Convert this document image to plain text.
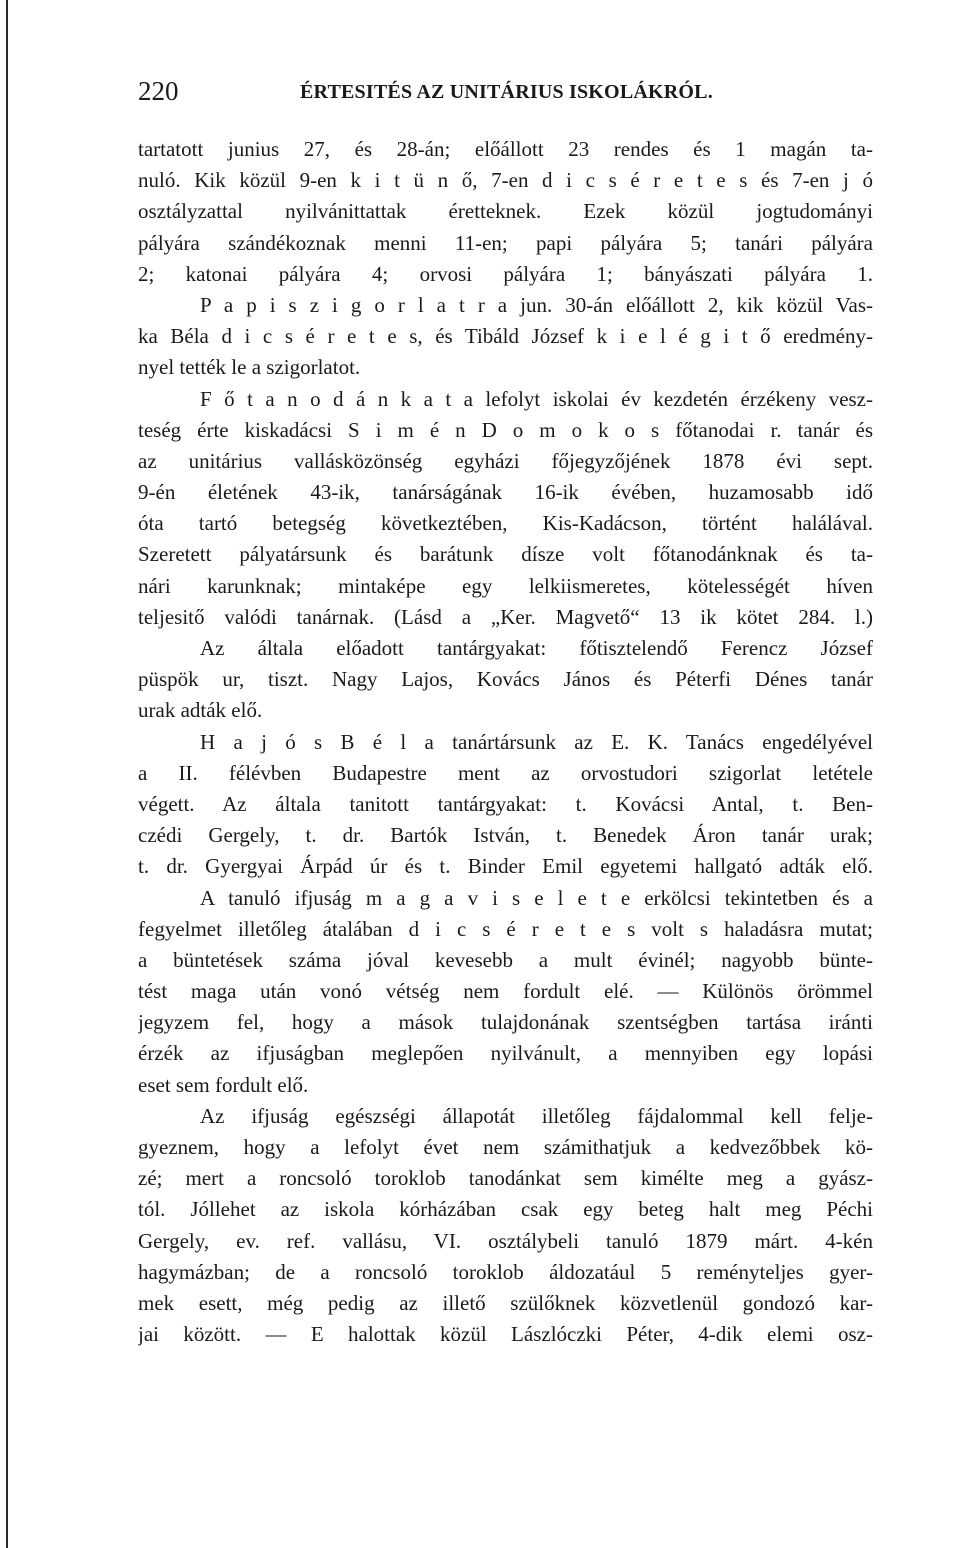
220	ÉRTESITÉS AZ UNITÁRIUS ISKOLÁKRÓL.
tartatott junius 27, és 28-án; előállott 23 rendes és 1 magán ta-
nuló. Kik közül 9-en k i t ü n ő, 7-en d i c s é r e t e s és 7-en j ó
osztályzattal nyilvánittattak éretteknek. Ezek közül jogtudományi
pályára szándékoznak menni 11-en; papi pályára 5; tanári pályára
2; katonai pályára 4; orvosi pályára 1; bányászati pályára 1.
P a p i s z i g o r l a t r a jun. 30-án előállott 2, kik közül Vas-
ka Béla d i c s é r e t e s, és Tibáld József k i e l é g i t ő eredmény-
nyel tették le a szigorlatot.
F ő t a n o d á n k a t a lefolyt iskolai év kezdetén érzékeny vesz-
teség érte kiskadácsi S i m é n D o m o k o s főtanodai r. tanár és
az unitárius vallásközönség egyházi főjegyzőjének 1878 évi sept.
9-én életének 43-ik, tanárságának 16-ik évében, huzamosabb idő
óta tartó betegség következtében, Kis-Kadácson, történt halálával.
Szeretett pályatársunk és barátunk dísze volt főtanodánknak és ta-
nári karunknak; mintaképe egy lelkiismeretes, kötelességét híven
teljesitő valódi tanárnak. (Lásd a „Ker. Magvető“ 13 ik kötet 284. l.)
Az általa előadott tantárgyakat: főtisztelendő Ferencz József
püspök ur, tiszt. Nagy Lajos, Kovács János és Péterfi Dénes tanár
urak adták elő.
H a j ó s B é l a tanártársunk az E. K. Tanács engedélyével
a II. félévben Budapestre ment az orvostudori szigorlat letétele
végett. Az általa tanitott tantárgyakat: t. Kovácsi Antal, t. Ben-
czédi Gergely, t. dr. Bartók István, t. Benedek Áron tanár urak;
t. dr. Gyergyai Árpád úr és t. Binder Emil egyetemi hallgató adták elő.
A tanuló ifjuság m a g a v i s e l e t e erkölcsi tekintetben és a
fegyelmet illetőleg átalában d i c s é r e t e s volt s haladásra mutat;
a büntetések száma jóval kevesebb a mult évinél; nagyobb büntе-
tést maga után vonó vétség nem fordult elé. — Különös örömmel
jegyzem fel, hogy a mások tulajdonának szentségben tartása iránti
érzék az ifjuságban meglepően nyilvánult, a mennyiben egy lopási
eset sem fordult elő.
Az ifjuság egészségi állapotát illetőleg fájdalommal kell felje-
gyeznem, hogy a lefolyt évet nem számithatjuk a kedvezőbbek kö-
zé; mert a roncsoló toroklob tanodánkat sem kimélte meg a gyász-
tól. Jóllehet az iskola kórházában csak egy beteg halt meg Péchi
Gergely, ev. ref. vallásu, VI. osztálybeli tanuló 1879 márt. 4-kén
hagymázban; de a roncsoló toroklob áldozatául 5 reményteljes gyer-
mek esett, még pedig az illető szülőknek közvetlenül gondozó kar-
jai között. — E halottak közül Lászlóczki Péter, 4-dik elemi osz-
